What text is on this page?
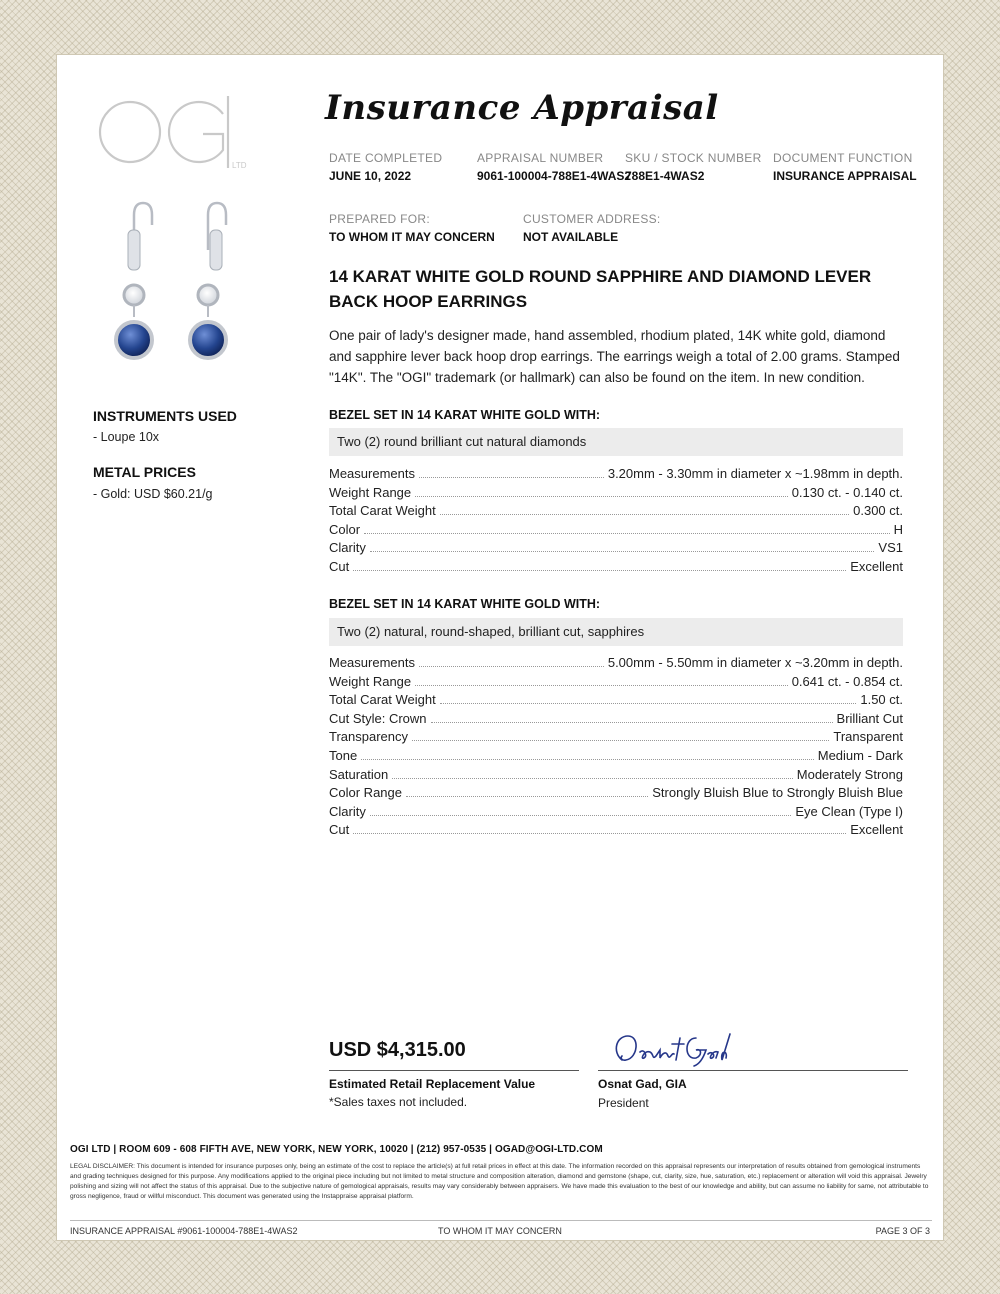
LTD
Insurance Appraisal
DATE COMPLETED
JUNE 10, 2022
APPRAISAL NUMBER
9061-100004-788E1-4WAS2
SKU / STOCK NUMBER
788E1-4WAS2
DOCUMENT FUNCTION
INSURANCE APPRAISAL
PREPARED FOR:
TO WHOM IT MAY CONCERN
CUSTOMER ADDRESS:
NOT AVAILABLE
14 KARAT WHITE GOLD ROUND SAPPHIRE AND DIAMOND LEVER BACK HOOP EARRINGS
One pair of lady's designer made, hand assembled, rhodium plated, 14K white gold, diamond and sapphire lever back hoop drop earrings. The earrings weigh a total of 2.00 grams. Stamped "14K". The "OGI" trademark (or hallmark) can also be found on the item. In new condition.
INSTRUMENTS USED
- Loupe 10x
METAL PRICES
- Gold: USD $60.21/g
BEZEL SET IN 14 KARAT WHITE GOLD WITH:
Two (2) round brilliant cut natural diamonds
Measurements	3.20mm - 3.30mm in diameter x ~1.98mm in depth.
Weight Range	0.130 ct. - 0.140 ct.
Total Carat Weight	0.300 ct.
Color	H
Clarity	VS1
Cut	Excellent
BEZEL SET IN 14 KARAT WHITE GOLD WITH:
Two (2) natural, round-shaped, brilliant cut, sapphires
Measurements	5.00mm - 5.50mm in diameter x ~3.20mm in depth.
Weight Range	0.641 ct. - 0.854 ct.
Total Carat Weight	1.50 ct.
Cut Style: Crown	Brilliant Cut
Transparency	Transparent
Tone	Medium - Dark
Saturation	Moderately Strong
Color Range	Strongly Bluish Blue to Strongly Bluish Blue
Clarity	Eye Clean (Type I)
Cut	Excellent
USD $4,315.00
Estimated Retail Replacement Value
*Sales taxes not included.
Osnat Gad, GIA
President
OGI LTD | ROOM 609 - 608 FIFTH AVE, NEW YORK, NEW YORK, 10020 | (212) 957-0535 | OGAD@OGI-LTD.COM
LEGAL DISCLAIMER: This document is intended for insurance purposes only, being an estimate of the cost to replace the article(s) at full retail prices in effect at this date. The information recorded on this appraisal represents our interpretation of results obtained from gemological instruments and grading techniques designed for this purpose. Any modifications applied to the original piece including but not limited to metal structure and composition alteration, diamond and gemstone (shape, cut, clarity, size, hue, saturation, etc.) replacement or alteration will void this appraisal. Jewelry polishing and sizing will not affect the status of this appraisal. Due to the subjective nature of gemological appraisals, results may vary considerably between appraisers. We have made this evaluation to the best of our knowledge and ability, but can assume no liability for same, not attributable to gross negligence, fraud or willful misconduct. This document was generated using the Instappraise appraisal platform.
INSURANCE APPRAISAL #9061-100004-788E1-4WAS2	TO WHOM IT MAY CONCERN	PAGE 3 OF 3
